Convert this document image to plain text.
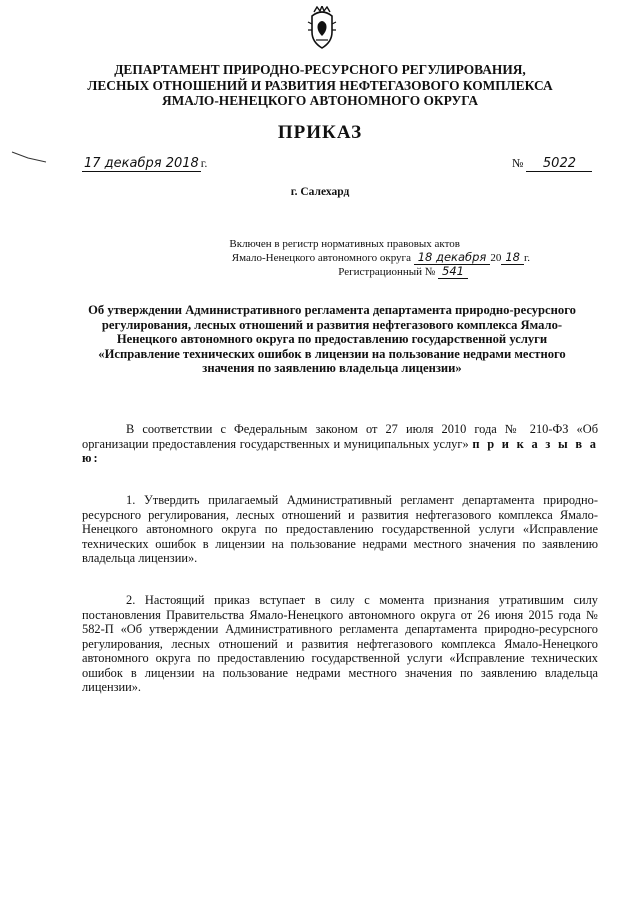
ДЕПАРТАМЕНТ ПРИРОДНО-РЕСУРСНОГО РЕГУЛИРОВАНИЯ,
ЛЕСНЫХ ОТНОШЕНИЙ И РАЗВИТИЯ НЕФТЕГАЗОВОГО КОМПЛЕКСА
ЯМАЛО-НЕНЕЦКОГО АВТОНОМНОГО ОКРУГА
ПРИКАЗ
17 декабря 2018 г.	№ 5022
г. Салехард
Включен в регистр нормативных правовых актов
Ямало-Ненецкого автономного округа 18 декабря 20 18 г.
Регистрационный № 541
Об утверждении Административного регламента департамента природно-ресурсного регулирования, лесных отношений и развития нефтегазового комплекса Ямало-Ненецкого автономного округа по предоставлению государственной услуги «Исправление технических ошибок в лицензии на пользование недрами местного значения по заявлению владельца лицензии»
В соответствии с Федеральным законом от 27 июля 2010 года № 210-ФЗ «Об организации предоставления государственных и муниципальных услуг» п р и к а з ы в а ю:
1. Утвердить прилагаемый Административный регламент департамента природно-ресурсного регулирования, лесных отношений и развития нефтегазового комплекса Ямало-Ненецкого автономного округа по предоставлению государственной услуги «Исправление технических ошибок в лицензии на пользование недрами местного значения по заявлению владельца лицензии».
2. Настоящий приказ вступает в силу с момента признания утратившим силу постановления Правительства Ямало-Ненецкого автономного округа от 26 июня 2015 года № 582-П «Об утверждении Административного регламента департамента природно-ресурсного регулирования, лесных отношений и развития нефтегазового комплекса Ямало-Ненецкого автономного округа по предоставлению государственной услуги «Исправление технических ошибок в лицензии на пользование недрами местного значения по заявлению владельца лицензии».
